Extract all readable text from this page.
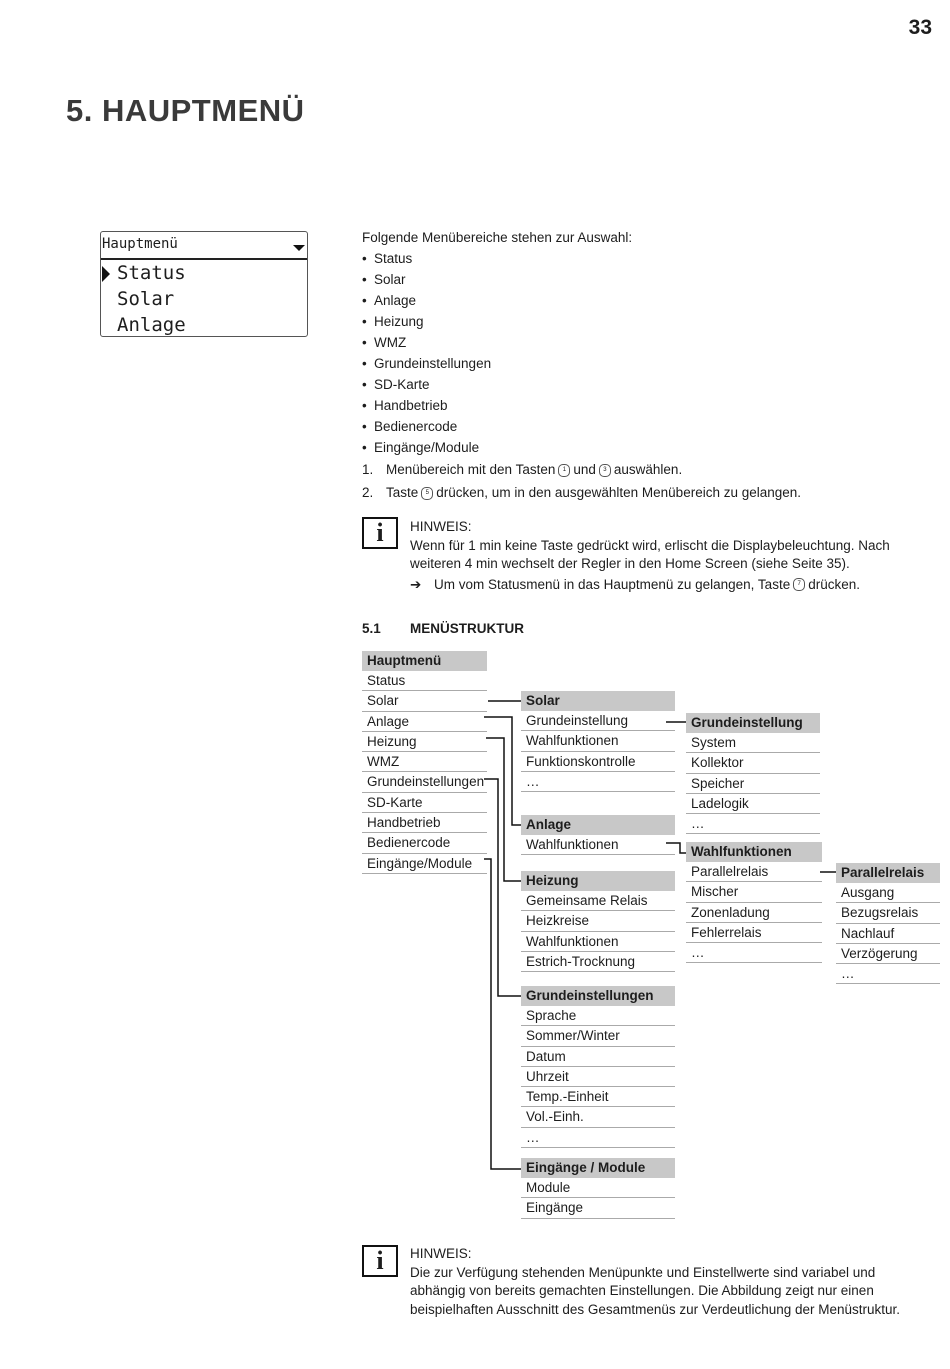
33
5. HAUPTMENÜ
Hauptmenü
Status
Solar
Anlage
Folgende Menübereiche stehen zur Auswahl:
• Status
• Solar
• Anlage
• Heizung
• WMZ
• Grundeinstellungen
• SD-Karte
• Handbetrieb
• Bedienercode
• Eingänge/Module
1. Menübereich mit den Tasten 1 und 3 auswählen.
2. Taste 5 drücken, um in den ausgewählten Menübereich zu gelangen.
i	HINWEIS:
Wenn für 1 min keine Taste gedrückt wird, erlischt die Displaybeleuchtung. Nach weiteren 4 min wechselt der Regler in den Home Screen (siehe Seite 35).
➔ Um vom Statusmenü in das Hauptmenü zu gelangen, Taste 7 drücken.
5.1 MENÜSTRUKTUR
Hauptmenü
Status
Solar
Anlage
Heizung
WMZ
Grundeinstellungen
SD-Karte
Handbetrieb
Bedienercode
Eingänge/Module
Solar
Grundeinstellung
Wahlfunktionen
Funktionskontrolle
…
Anlage
Wahlfunktionen
Heizung
Gemeinsame Relais
Heizkreise
Wahlfunktionen
Estrich-Trocknung
Grundeinstellungen
Sprache
Sommer/Winter
Datum
Uhrzeit
Temp.-Einheit
Vol.-Einh.
…
Eingänge / Module
Module
Eingänge
Grundeinstellung
System
Kollektor
Speicher
Ladelogik
…
Wahlfunktionen
Parallelrelais
Mischer
Zonenladung
Fehlerrelais
…
Parallelrelais
Ausgang
Bezugsrelais
Nachlauf
Verzögerung
…
i	HINWEIS:
Die zur Verfügung stehenden Menüpunkte und Einstellwerte sind variabel und abhängig von bereits gemachten Einstellungen. Die Abbildung zeigt nur einen beispielhaften Ausschnitt des Gesamtmenüs zur Verdeutlichung der Menüstruktur.
